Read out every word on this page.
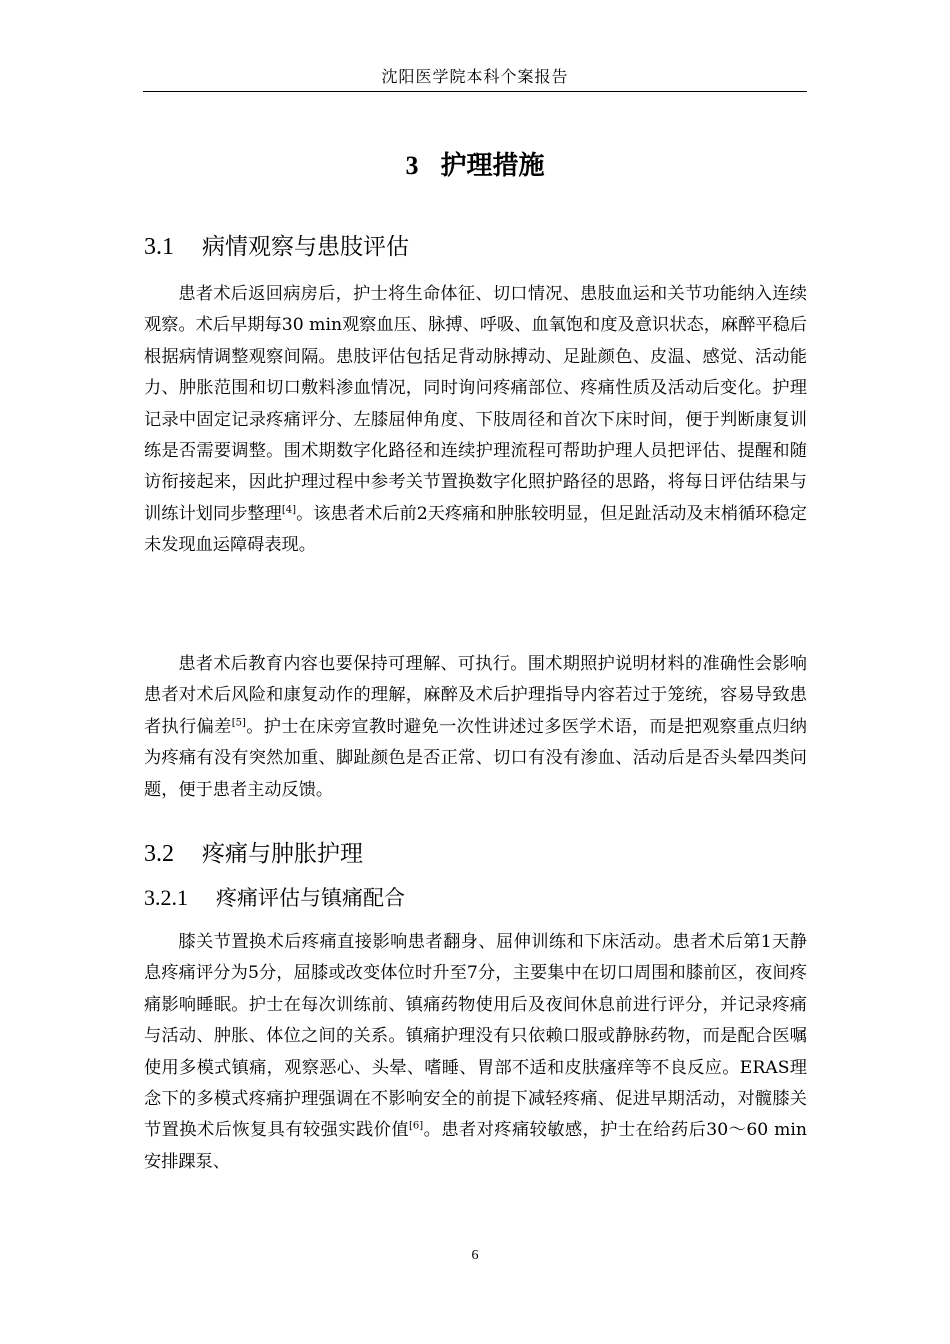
沈阳医学院本科个案报告
3 护理措施
3.1 病情观察与患肢评估

患者术后返回病房后，护士将生命体征、切口情况、患肢血运和关节功能纳入连续观察。术后早期每30 min观察血压、脉搏、呼吸、血氧饱和度及意识状态，麻醉平稳后根据病情调整观察间隔。患肢评估包括足背动脉搏动、足趾颜色、皮温、感觉、活动能力、肿胀范围和切口敷料渗血情况，同时询问疼痛部位、疼痛性质及活动后变化。护理记录中固定记录疼痛评分、左膝屈伸角度、下肢周径和首次下床时间，便于判断康复训练是否需要调整。围术期数字化路径和连续护理流程可帮助护理人员把评估、提醒和随访衔接起来，因此护理过程中参考关节置换数字化照护路径的思路，将每日评估结果与训练计划同步整理[4]。该患者术后前2天疼痛和肿胀较明显，但足趾活动及末梢循环稳定未发现血运障碍表现。

患者术后教育内容也要保持可理解、可执行。围术期照护说明材料的准确性会影响患者对术后风险和康复动作的理解，麻醉及术后护理指导内容若过于笼统，容易导致患者执行偏差[5]。护士在床旁宣教时避免一次性讲述过多医学术语，而是把观察重点归纳为疼痛有没有突然加重、脚趾颜色是否正常、切口有没有渗血、活动后是否头晕四类问题，便于患者主动反馈。

3.2 疼痛与肿胀护理
3.2.1 疼痛评估与镇痛配合

膝关节置换术后疼痛直接影响患者翻身、屈伸训练和下床活动。患者术后第1天静息疼痛评分为5分，屈膝或改变体位时升至7分，主要集中在切口周围和膝前区，夜间疼痛影响睡眠。护士在每次训练前、镇痛药物使用后及夜间休息前进行评分，并记录疼痛与活动、肿胀、体位之间的关系。镇痛护理没有只依赖口服或静脉药物，而是配合医嘱使用多模式镇痛，观察恶心、头晕、嗜睡、胃部不适和皮肤瘙痒等不良反应。ERAS理念下的多模式疼痛护理强调在不影响安全的前提下减轻疼痛、促进早期活动，对髋膝关节置换术后恢复具有较强实践价值[6]。患者对疼痛较敏感，护士在给药后30～60 min安排踝泵、

6
